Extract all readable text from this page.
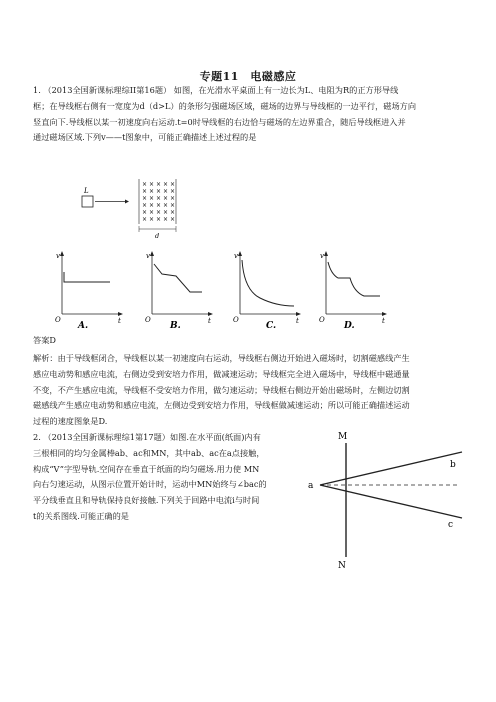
专题11　电磁感应
1. （2013全国新课标理综II第16题） 如图，在光滑水平桌面上有一边长为L、电阻为R的正方形导线
框；在导线框右侧有一宽度为d（d>L）的条形匀强磁场区域，磁场的边界与导线框的一边平行，磁场方向
竖直向下.导线框以某一初速度向右运动.t=0时导线框的右边恰与磁场的左边界重合，随后导线框进入并
通过磁场区域.下列v——t图象中，可能正确描述上述过程的是
L
× × × × ×
× × × × ×
× × × × ×
× × × × ×
× × × × ×
× × × × ×
d
v
t
O
A.
v
t
O
B.
v
t
O
C.
v
t
O
D.
答案D
解析：由于导线框闭合，导线框以某一初速度向右运动，导线框右侧边开始进入磁场时，切割磁感线产生
感应电动势和感应电流，右侧边受到安培力作用，做减速运动；导线框完全进入磁场中，导线框中磁通量
不变，不产生感应电流，导线框不受安培力作用，做匀速运动；导线框右侧边开始出磁场时，左侧边切割
磁感线产生感应电动势和感应电流，左侧边受到安培力作用，导线框做减速运动；所以可能正确描述运动
过程的速度图象是D.
2. （2013全国新课标理综1第17题）如图.在水平面(纸面)内有
三根相同的均匀金属棒ab、ac和MN，其中ab、ac在a点接触，
构成“V”字型导轨.空间存在垂直于纸面的均匀磁场.用力使 MN
向右匀速运动，从图示位置开始计时，运动中MN始终与∠bac的
平分线垂直且和导轨保持良好接触.下列关于回路中电流i与时间
t的关系图线.可能正确的是
M
N
a
b
c
